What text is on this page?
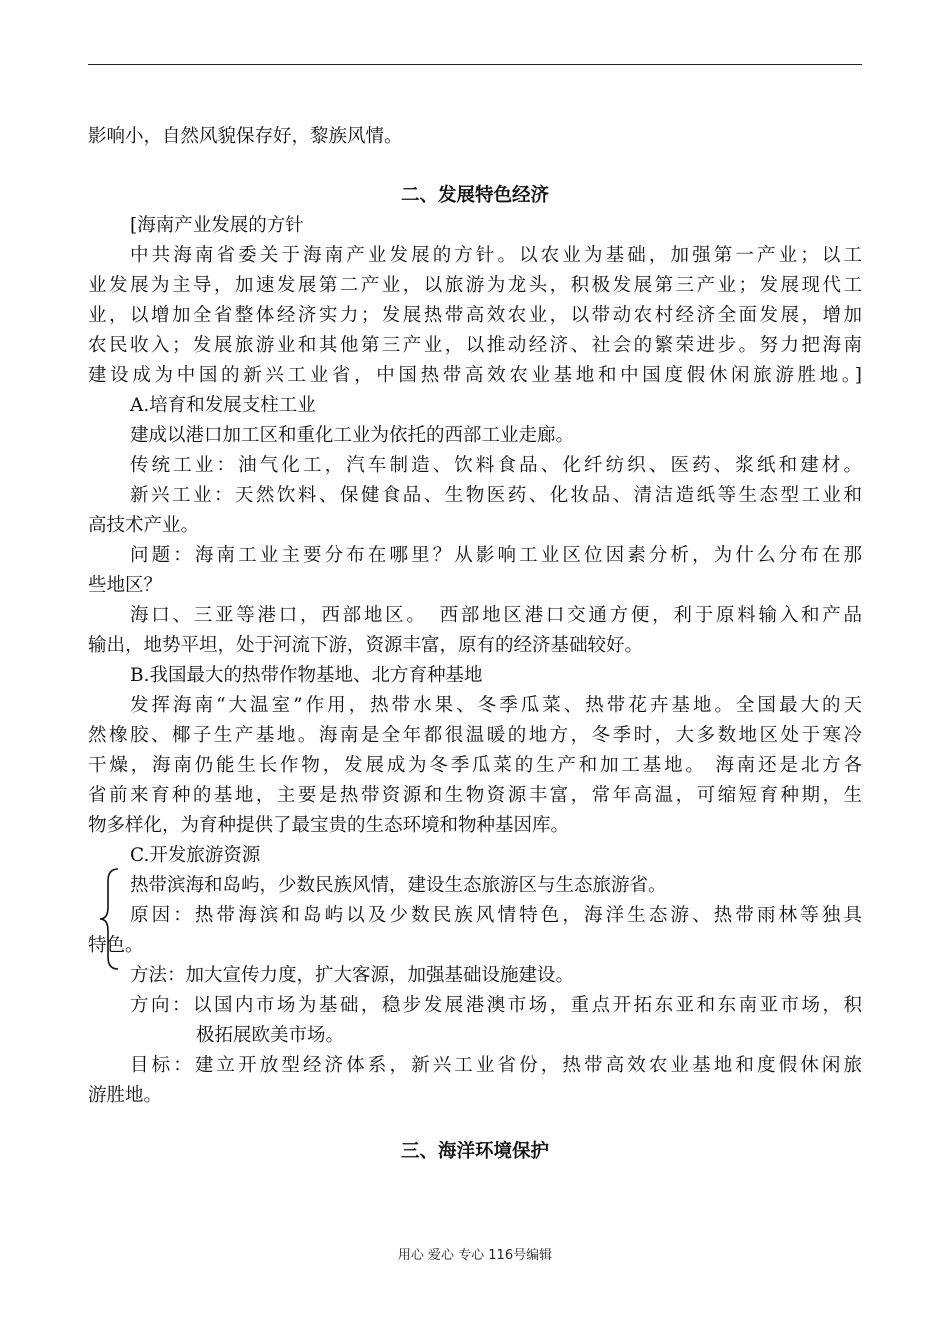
影响小，自然风貌保存好，黎族风情。
二、发展特色经济
[海南产业发展的方针
中共海南省委关于海南产业发展的方针。以农业为基础，加强第一产业；以工
业发展为主导，加速发展第二产业，以旅游为龙头，积极发展第三产业；发展现代工
业，以增加全省整体经济实力；发展热带高效农业，以带动农村经济全面发展，增加
农民收入；发展旅游业和其他第三产业，以推动经济、社会的繁荣进步。努力把海南
建设成为中国的新兴工业省，中国热带高效农业基地和中国度假休闲旅游胜地。]
A.培育和发展支柱工业
建成以港口加工区和重化工业为依托的西部工业走廊。
传统工业：油气化工，汽车制造、饮料食品、化纤纺织、医药、浆纸和建材。
新兴工业：天然饮料、保健食品、生物医药、化妆品、清洁造纸等生态型工业和
高技术产业。
问题：海南工业主要分布在哪里？从影响工业区位因素分析，为什么分布在那
些地区？
海口、三亚等港口，西部地区。　西部地区港口交通方便，利于原料输入和产品
输出，地势平坦，处于河流下游，资源丰富，原有的经济基础较好。
B.我国最大的热带作物基地、北方育种基地
发挥海南“大温室”作用，热带水果、冬季瓜菜、热带花卉基地。全国最大的天
然橡胶、椰子生产基地。海南是全年都很温暖的地方，冬季时，大多数地区处于寒冷
干燥，海南仍能生长作物，发展成为冬季瓜菜的生产和加工基地。 海南还是北方各
省前来育种的基地，主要是热带资源和生物资源丰富，常年高温，可缩短育种期，生
物多样化，为育种提供了最宝贵的生态环境和物种基因库。
C.开发旅游资源
热带滨海和岛屿，少数民族风情，建设生态旅游区与生态旅游省。
原因：热带海滨和岛屿以及少数民族风情特色，海洋生态游、热带雨林等独具
特色。
方法：加大宣传力度，扩大客源，加强基础设施建设。
方向：以国内市场为基础，稳步发展港澳市场，重点开拓东亚和东南亚市场，积
极拓展欧美市场。
目标：建立开放型经济体系，新兴工业省份，热带高效农业基地和度假休闲旅
游胜地。
三、海洋环境保护
用心 爱心 专心 116号编辑
